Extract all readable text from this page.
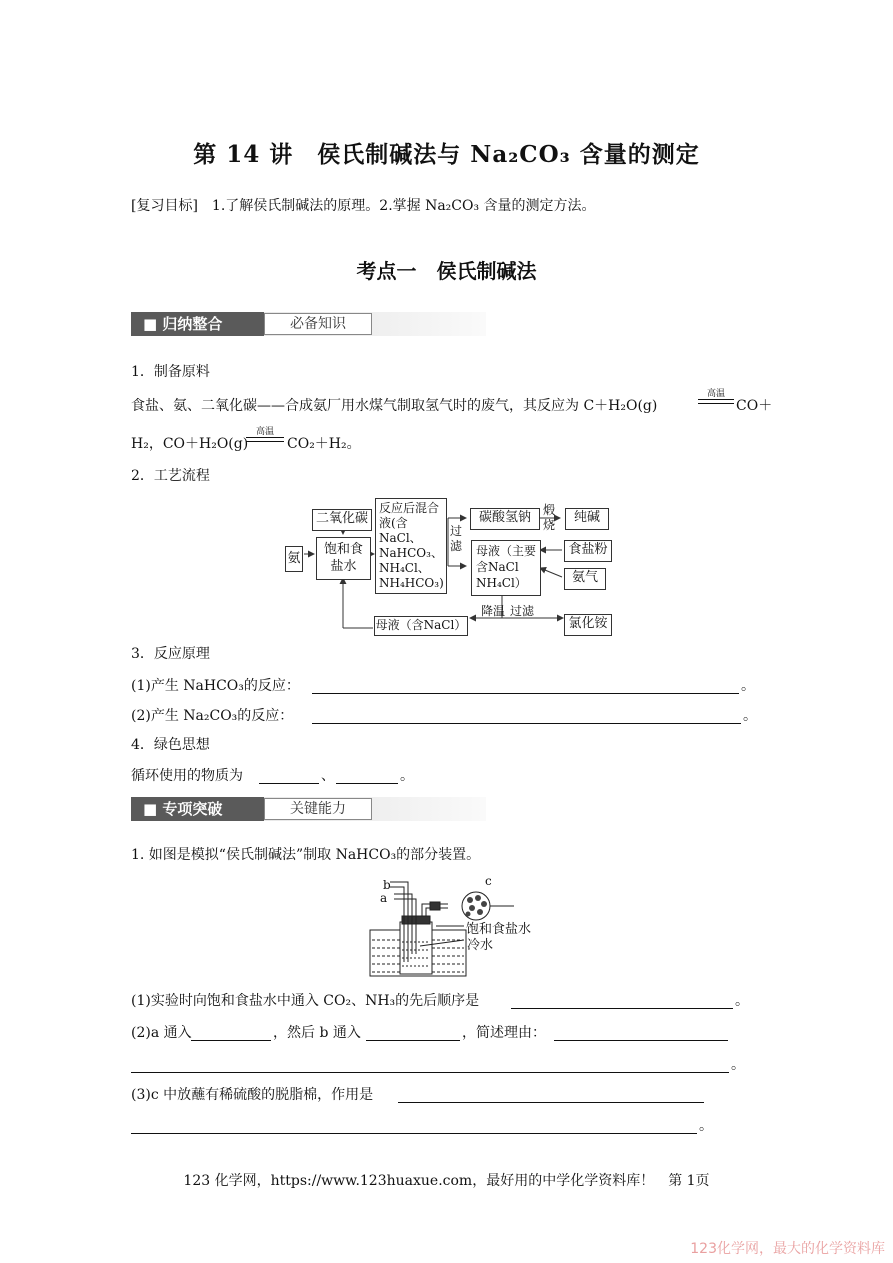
第 14 讲　侯氏制碱法与 Na₂CO₃ 含量的测定
[复习目标]　1.了解侯氏制碱法的原理。2.掌握 Na₂CO₃ 含量的测定方法。
考点一　侯氏制碱法
■ 归纳整合	必备知识
1．制备原料
食盐、氨、二氧化碳——合成氨厂用水煤气制取氢气时的废气，其反应为 C＋H₂O(g)
高温
CO＋
H₂，CO＋H₂O(g)
高温
CO₂＋H₂。
2．工艺流程
二氧化碳
氨
饱和食盐水
反应后混合液(含NaCl、NaHCO₃、NH₄Cl、NH₄HCO₃)
过滤
碳酸氢钠	煅烧	纯碱
母液（主要含NaCl NH₄Cl）
食盐粉
氨气
降温 过滤
母液（含NaCl）	氯化铵
3．反应原理
(1)产生 NaHCO₃的反应：	。
(2)产生 Na₂CO₃的反应：	。
4．绿色思想
循环使用的物质为	、	。
■ 专项突破	关键能力
1. 如图是模拟“侯氏制碱法”制取 NaHCO₃的部分装置。
b
a
c
饱和食盐水
冷水
(1)实验时向饱和食盐水中通入 CO₂、NH₃的先后顺序是	。
(2)a 通入	，然后 b 通入	，简述理由：
。
(3)c 中放蘸有稀硫酸的脱脂棉，作用是
。
123 化学网，https://www.123huaxue.com，最好用的中学化学资料库！　第 1页
123化学网，最大的化学资料库
